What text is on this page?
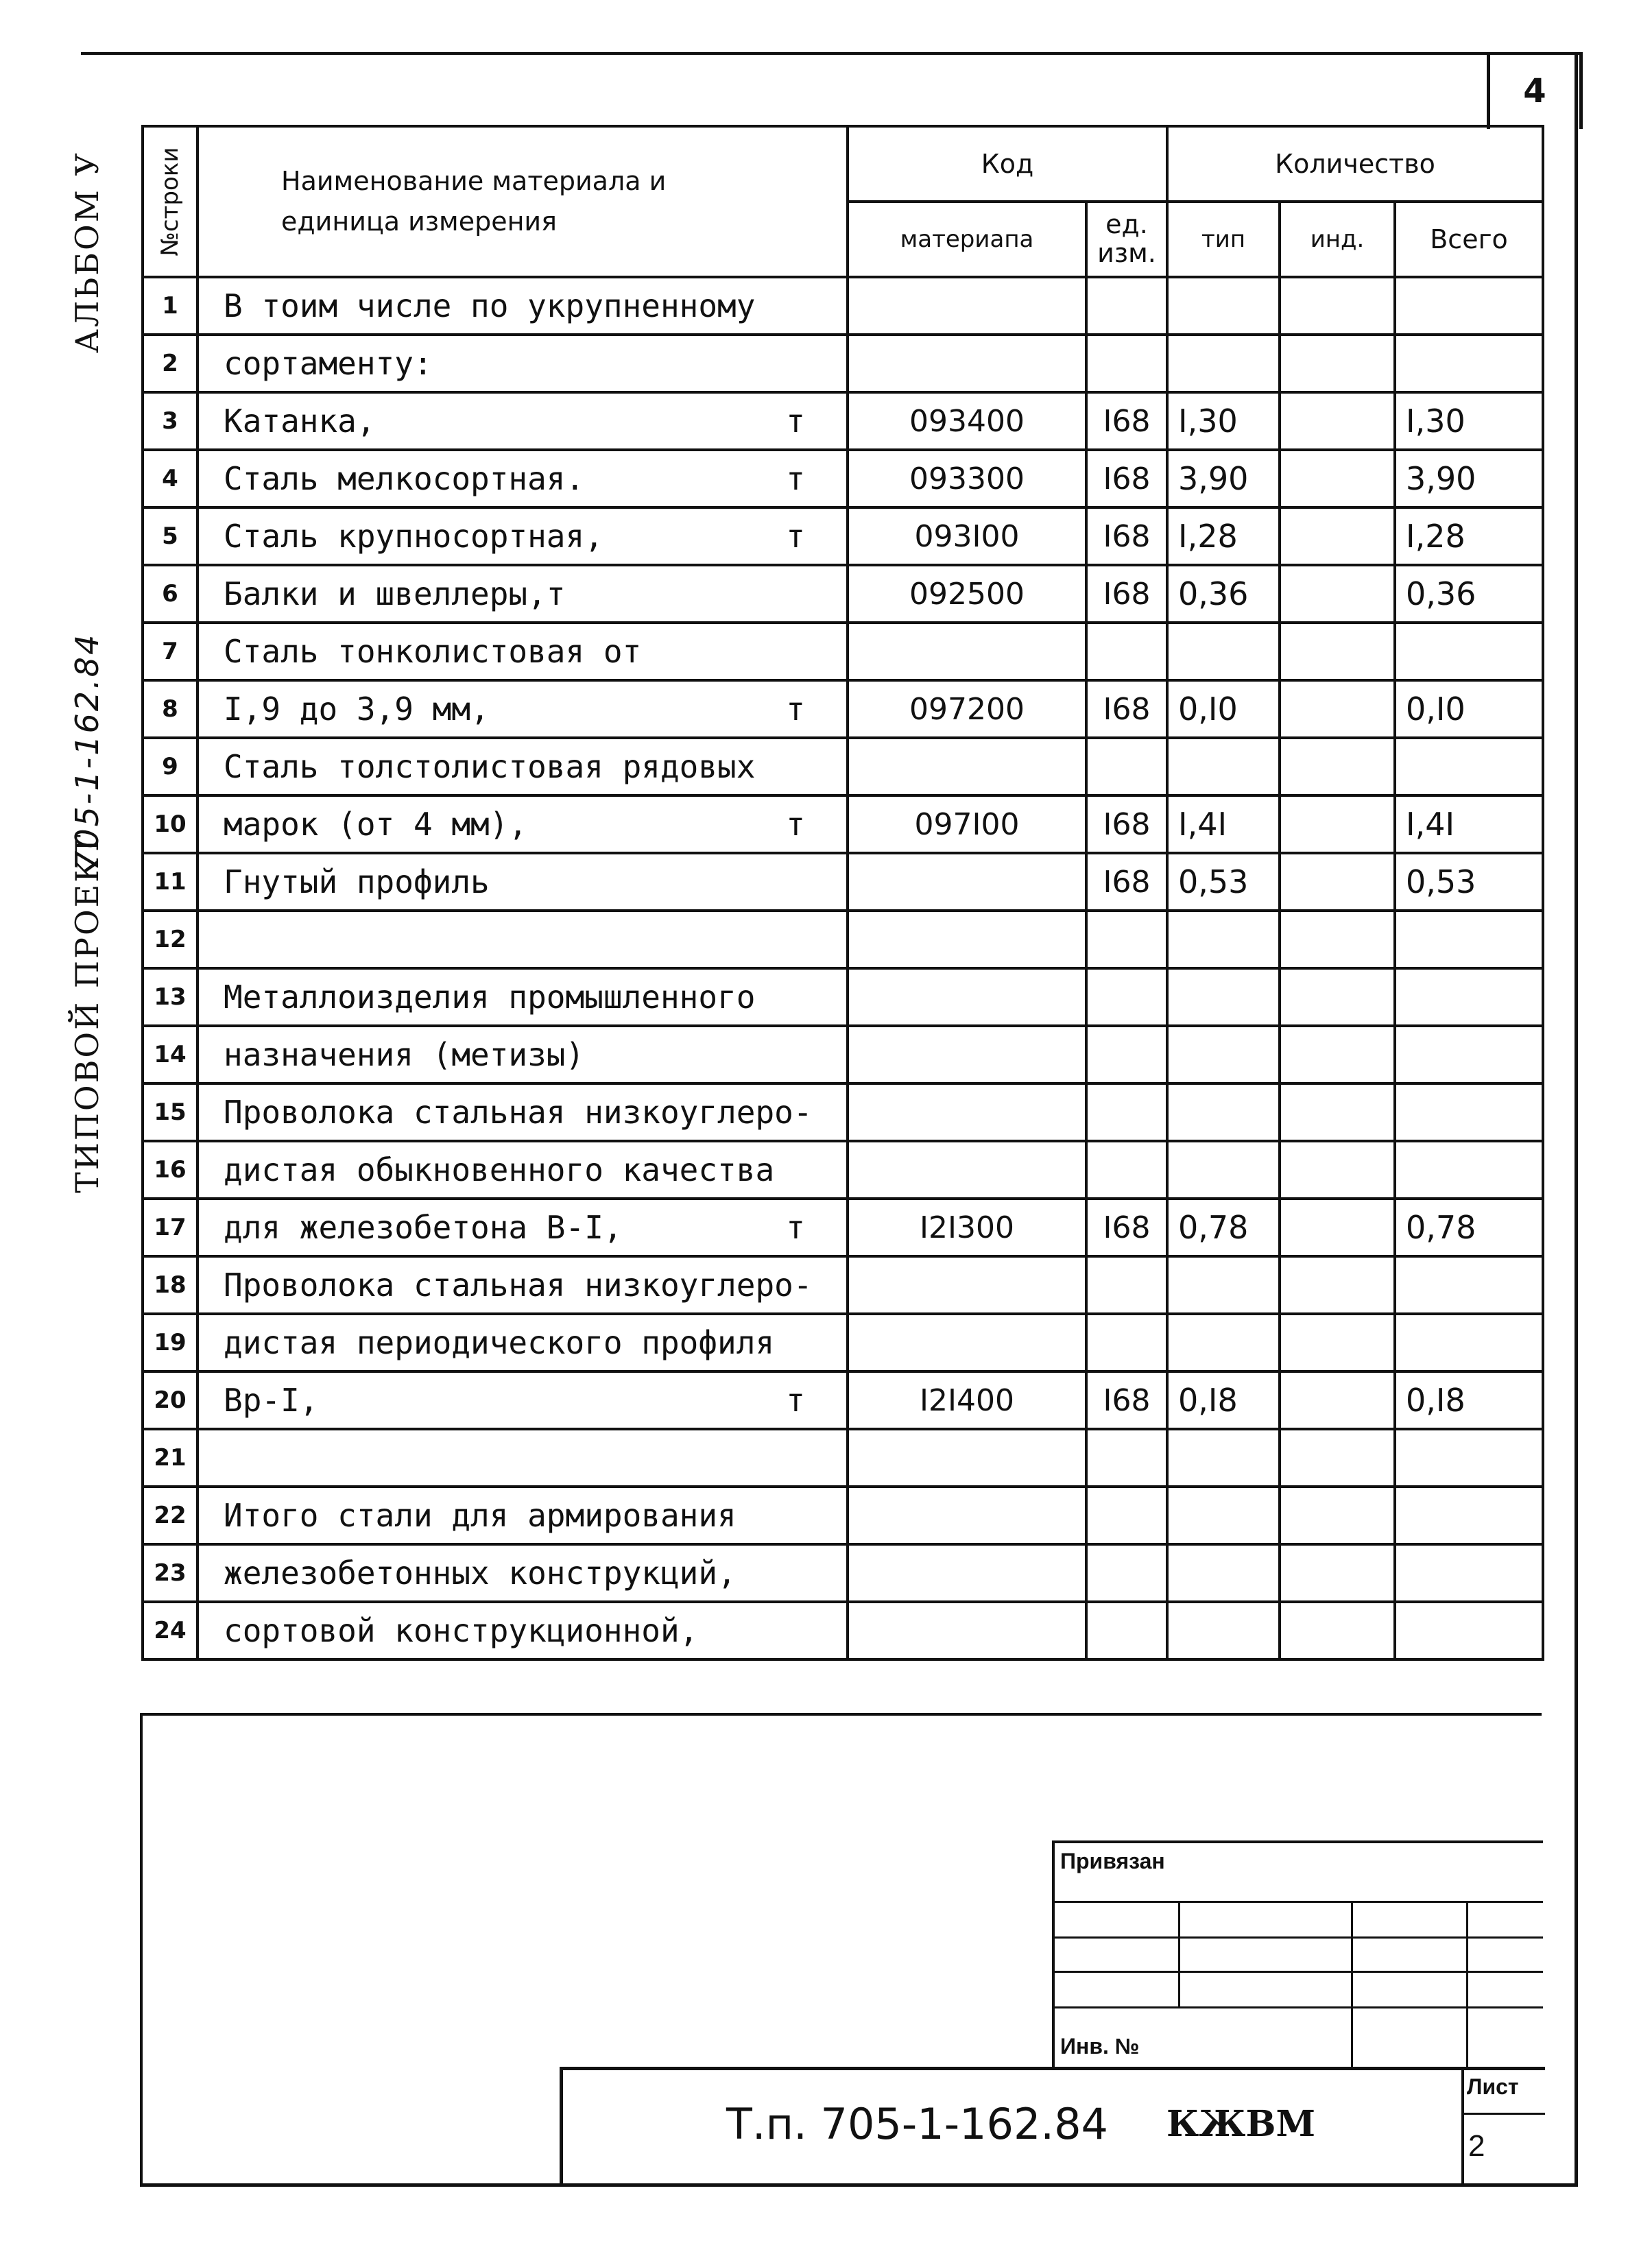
4
АЛЬБОМ У
705-1-162.84
ТИПОВОЙ ПРОЕКТ
№строки	Наименование материала и единица измерения	Код		Количество		
		материапа	ед. изм.	тип	инд.	Всего
1	В тоим числе по укрупненному					
2	сортаменту:					
3	Катанка, т	093400	I68	I,30		I,30
4	Сталь мелкосортная. т	093300	I68	3,90		3,90
5	Сталь крупносортная, т	093I00	I68	I,28		I,28
6	Балки и швеллеры,т	092500	I68	0,36		0,36
7	Сталь тонколистовая от					
8	I,9 до 3,9 мм, т	097200	I68	0,I0		0,I0
9	Сталь толстолистовая рядовых					
10	марок (от 4 мм), т	097I00	I68	I,4I		I,4I
11	Гнутый профиль		I68	0,53		0,53
12						
13	Металлоизделия промышленного					
14	назначения (метизы)					
15	Проволока стальная низкоуглеро-					
16	дистая обыкновенного качества					
17	для железобетона В-I, т	I2I300	I68	0,78		0,78
18	Проволока стальная низкоуглеро-					
19	дистая периодического профиля					
20	Вр-I, т	I2I400	I68	0,I8		0,I8
21						
22	Итого стали для армирования					
23	железобетонных конструкций,					
24	сортовой конструкционной,					
Привязан
Инв. №
Т.п. 705-1-162.84 КЖВМ
Лист
2
